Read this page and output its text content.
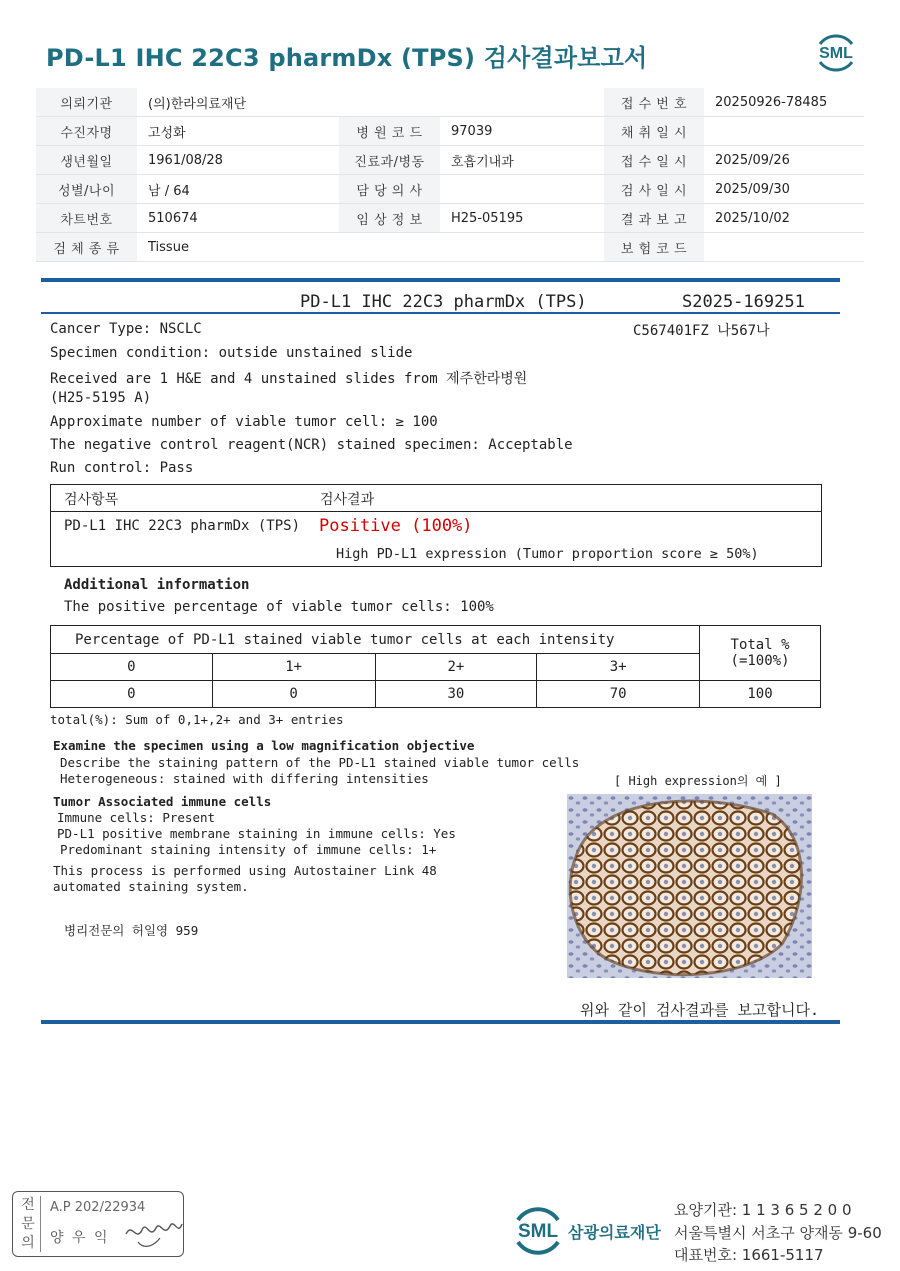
PD-L1 IHC 22C3 pharmDx (TPS) 검사결과보고서	SML
의뢰기관	(의)한라의료재단			접 수 번 호	20250926-78485
수진자명	고성화	병 원 코 드	97039	채 취 일 시	
생년월일	1961/08/28	진료과/병동	호흡기내과	접 수 일 시	2025/09/26
성별/나이	남 / 64	담 당 의 사		검 사 일 시	2025/09/30
차트번호	510674	임 상 정 보	H25-05195	결 과 보 고	2025/10/02
검 체 종 류	Tissue			보 험 코 드	
PD-L1 IHC 22C3 pharmDx (TPS)	S2025-169251
C567401FZ 나567나
Cancer Type: NSCLC
Specimen condition: outside unstained slide
Received are 1 H&E and 4 unstained slides from 제주한라병원
(H25-5195 A)
Approximate number of viable tumor cell: ≥ 100
The negative control reagent(NCR) stained specimen: Acceptable
Run control: Pass
검사항목	검사결과
PD-L1 IHC 22C3 pharmDx (TPS) Positive (100%)
High PD-L1 expression (Tumor proportion score ≥ 50%)
Additional information
The positive percentage of viable tumor cells: 100%
Percentage of PD-L1 stained viable tumor cells at each intensity				Total %
(=100%)

0	1+	2+	3+	
0	0	30	70	100
total(%): Sum of 0,1+,2+ and 3+ entries
Examine the specimen using a low magnification objective
Describe the staining pattern of the PD-L1 stained viable tumor cells
Heterogeneous: stained with differing intensities	[ High expression의 예 ]
Tumor Associated immune cells
Immune cells: Present
PD-L1 positive membrane staining in immune cells: Yes
Predominant staining intensity of immune cells: 1+
This process is performed using Autostainer Link 48
automated staining system.
병리전문의 허일영 959
위와 같이 검사결과를 보고합니다.
전
문
의
A.P 202/22934
양 우 익	SML 삼광의료재단
요양기관: 1 1 3 6 5 2 0 0
서울특별시 서초구 양재동 9-60
대표번호: 1661-5117
